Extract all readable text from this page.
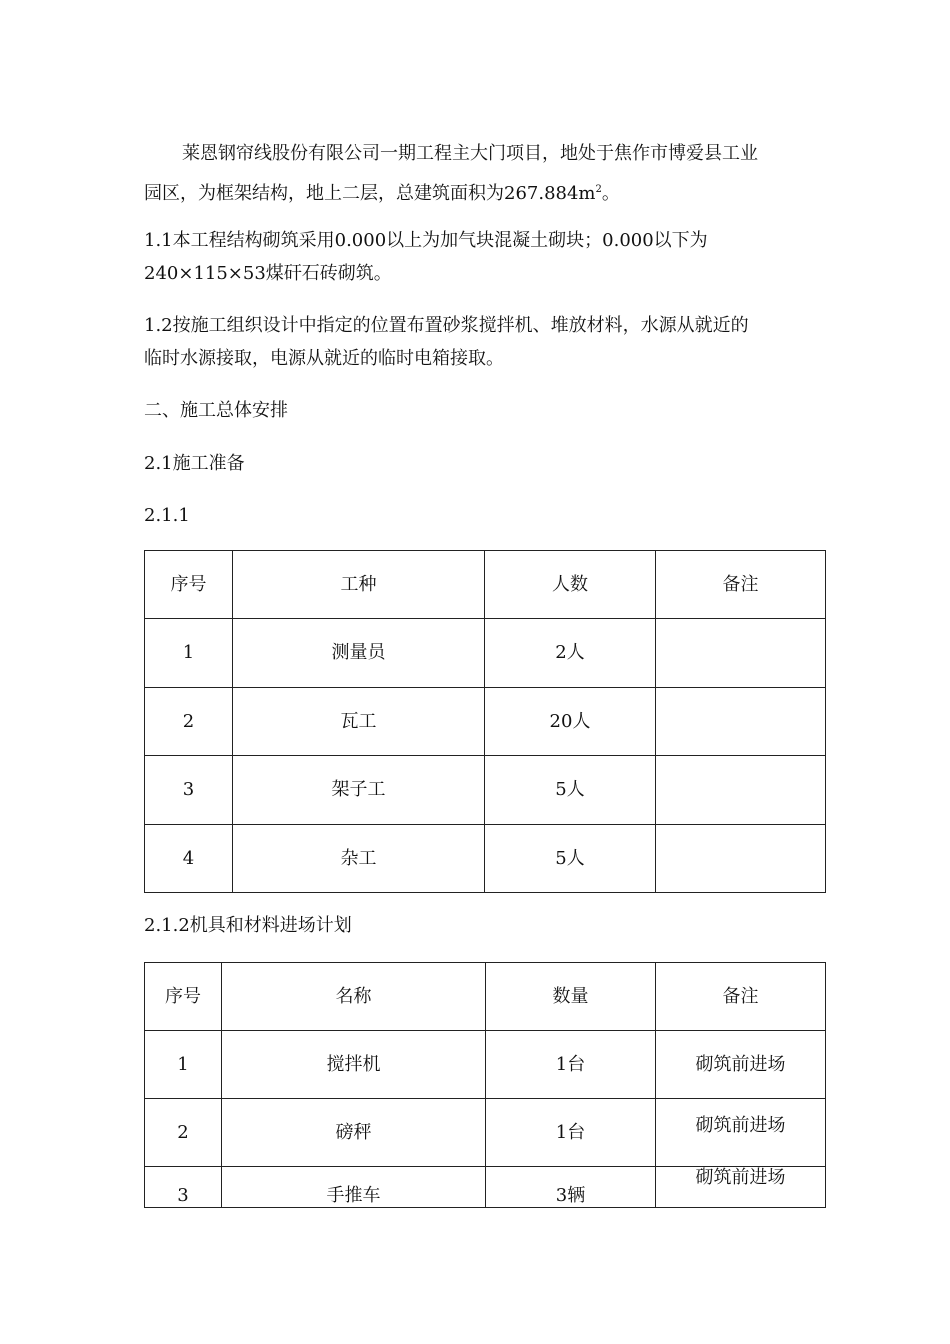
莱恩钢帘线股份有限公司一期工程主大门项目，地处于焦作市博爱县工业
园区，为框架结构，地上二层，总建筑面积为$267.884m^2$。
1.1本工程结构砌筑采用0.000以上为加气块混凝土砌块；0.000以下为
240×115×53煤矸石砖砌筑。
1.2按施工组织设计中指定的位置布置砂浆搅拌机、堆放材料，水源从就近的
临时水源接取，电源从就近的临时电箱接取。
二、施工总体安排
2.1施工准备
2.1.1
序号	工种	人数	备注
1	测量员	2人	
2	瓦工	20人	
3	架子工	5人	
4	杂工	5人	
2.1.2机具和材料进场计划
序号	名称	数量	备注
1	搅拌机	1台	砌筑前进场
2	磅秤	1台	砌筑前进场
3	手推车	3辆	砌筑前进场
